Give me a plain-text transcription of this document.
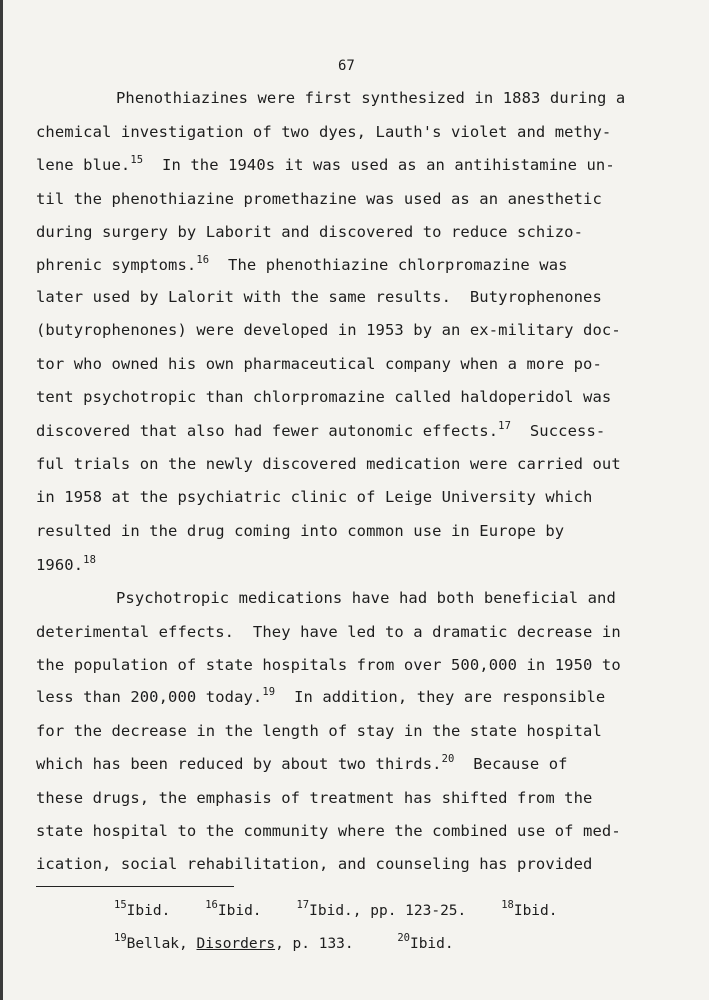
67
Phenothiazines were first synthesized in 1883 during a
chemical investigation of two dyes, Lauth's violet and methy-
lene blue.$^{15}$  In the 1940s it was used as an antihistamine un-
til the phenothiazine promethazine was used as an anesthetic
during surgery by Laborit and discovered to reduce schizo-
phrenic symptoms.$^{16}$  The phenothiazine chlorpromazine was
later used by Lalorit with the same results.  Butyrophenones
(butyrophenones) were developed in 1953 by an ex-military doc-
tor who owned his own pharmaceutical company when a more po-
tent psychotropic than chlorpromazine called haldoperidol was
discovered that also had fewer autonomic effects.$^{17}$  Success-
ful trials on the newly discovered medication were carried out
in 1958 at the psychiatric clinic of Leige University which
resulted in the drug coming into common use in Europe by
1960.18
Psychotropic medications have had both beneficial and
deterimental effects.  They have led to a dramatic decrease in
the population of state hospitals from over 500,000 in 1950 to
less than 200,000 today.$^{19}$  In addition, they are responsible
for the decrease in the length of stay in the state hospital
which has been reduced by about two thirds.$^{20}$  Because of
these drugs, the emphasis of treatment has shifted from the
state hospital to the community where the combined use of med-
ication, social rehabilitation, and counseling has provided
$^{15}$Ibid.	$^{16}$Ibid.	$^{17}$Ibid., pp. 123-25.	$^{18}$Ibid.
$^{19}$Bellak, Disorders, p. 133.	$^{20}$Ibid.
